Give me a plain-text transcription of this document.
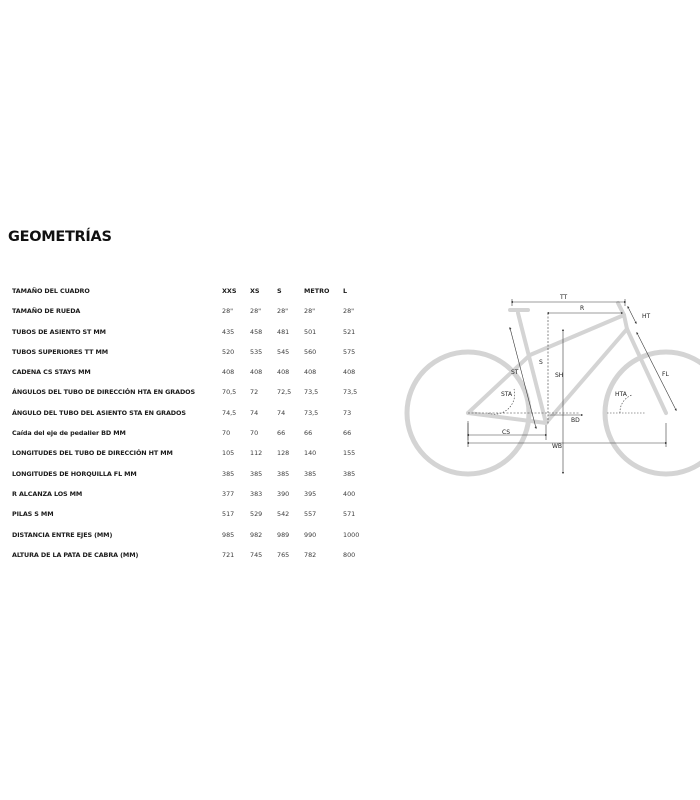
GEOMETRÍAS
TAMAÑO DEL CUADRO	XXS XS	S	METRO L
TAMAÑO DE RUEDA	28"	28" 28" 28"	28"
TUBOS DE ASIENTO ST MM	435 458 481 501	521
TUBOS SUPERIORES TT MM	520 535 545 560	575
CADENA CS STAYS MM	408 408 408 408	408
ÁNGULOS DEL TUBO DE DIRECCIÓN HTA EN GRADOS	70,5 72	72,5 73,5	73,5
ÁNGULO DEL TUBO DEL ASIENTO STA EN GRADOS	74,5 74	74	73,5	73
Caída del eje de pedalier BD MM	70	70	66	66	66
LONGITUDES DEL TUBO DE DIRECCIÓN HT MM	105 112 128 140	155
LONGITUDES DE HORQUILLA FL MM	385 385 385 385	385
R ALCANZA LOS MM	377 383 390 395	400
PILAS S MM	517 529 542 557	571
DISTANCIA ENTRE EJES (MM)	985 982 989 990	1000
ALTURA DE LA PATA DE CABRA (MM)	721 745 765 782	800
TT
R
HT
S
SH
ST	FL
STA	HTA
BD
CS
WB
